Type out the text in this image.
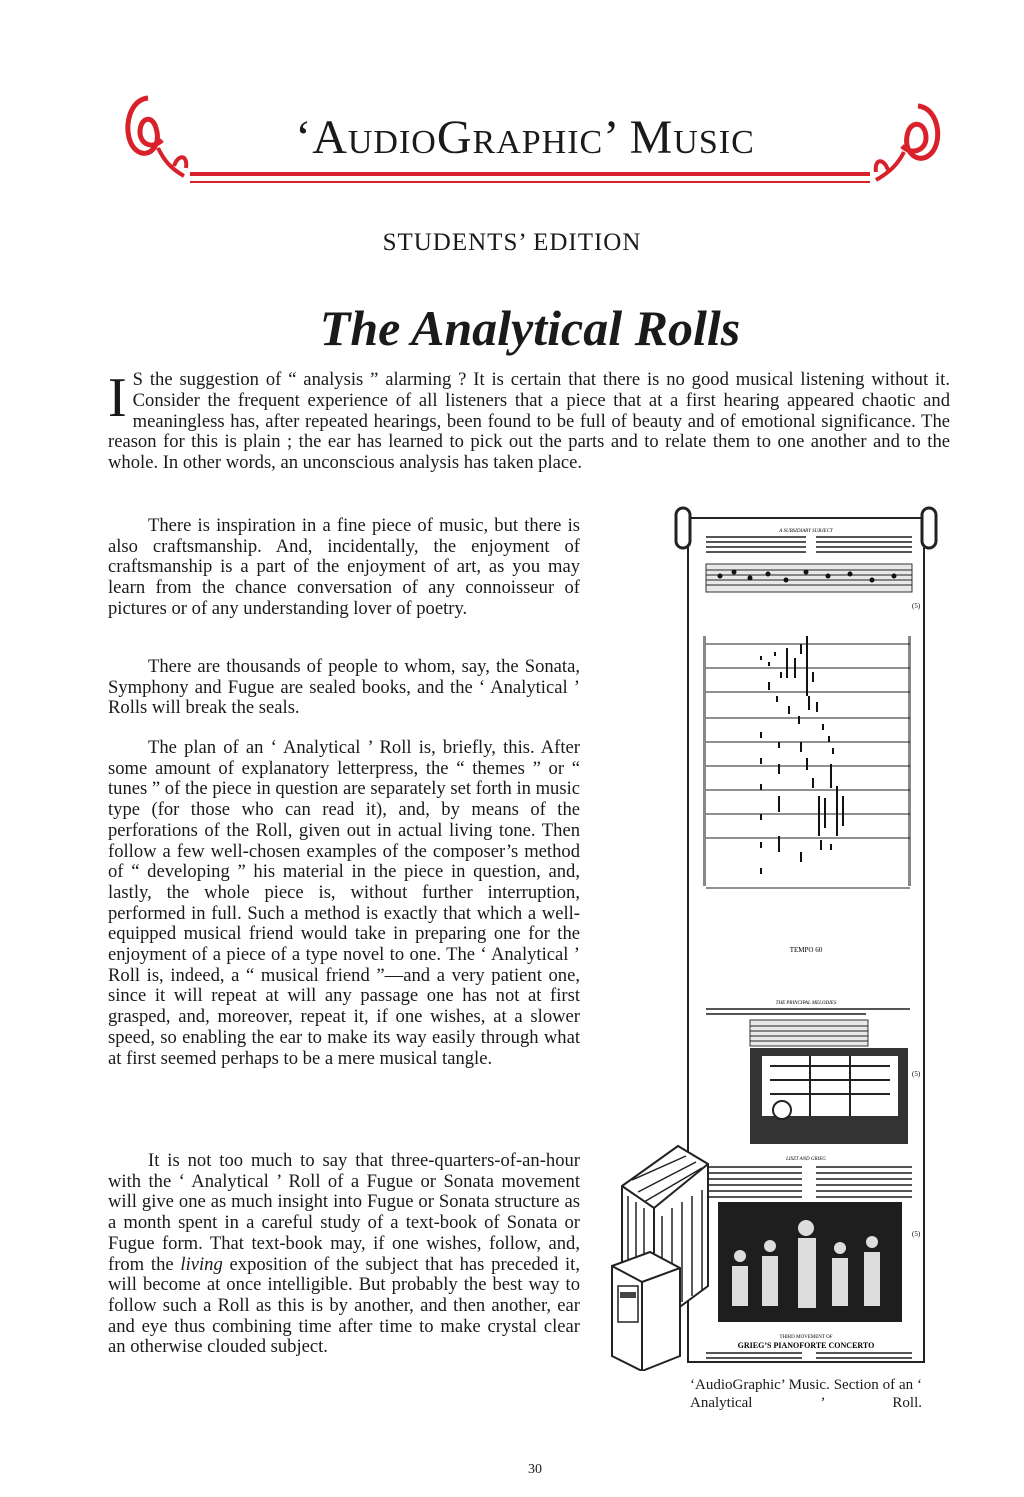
‘AudioGraphic’ Music
STUDENTS’ EDITION
The Analytical Rolls

I S the suggestion of “ analysis ” alarming ? It is certain that there is no good musical listening without it. Consider the frequent experience of all listeners that a piece that at a first hearing appeared chaotic and meaningless has, after repeated hearings, been found to be full of beauty and of emotional significance. The reason for this is plain ; the ear has learned to pick out the parts and to relate them to one another and to the whole. In other words, an unconscious analysis has taken place.

There is inspiration in a fine piece of music, but there is also craftsmanship. And, incidentally, the enjoyment of craftsmanship is a part of the enjoyment of art, as you may learn from the chance conversation of any connoisseur of pictures or of any understanding lover of poetry.

There are thousands of people to whom, say, the Sonata, Symphony and Fugue are sealed books, and the ‘ Analytical ’ Rolls will break the seals.

The plan of an ‘ Analytical ’ Roll is, briefly, this. After some amount of explanatory letterpress, the “ themes ” or “ tunes ” of the piece in question are separately set forth in music type (for those who can read it), and, by means of the perforations of the Roll, given out in actual living tone. Then follow a few well-chosen examples of the composer’s method of “ developing ” his material in the piece in question, and, lastly, the whole piece is, without further interruption, performed in full. Such a method is exactly that which a well-equipped musical friend would take in preparing one for the enjoyment of a piece of a type novel to one. The ‘ Analytical ’ Roll is, indeed, a “ musical friend ”—and a very patient one, since it will repeat at will any passage one has not at first grasped, and, moreover, repeat it, if one wishes, at a slower speed, so enabling the ear to make its way easily through what at first seemed perhaps to be a mere musical tangle.

It is not too much to say that three-quarters-of-an-hour with the ‘ Analytical ’ Roll of a Fugue or Sonata movement will give one as much insight into Fugue or Sonata structure as a month spent in a careful study of a text-book of Sonata or Fugue form. That text-book may, if one wishes, follow, and, from the living exposition of the subject that has preceded it, will become at once intelligible. But probably the best way to follow such a Roll as this is by another, and then another, ear and eye thus combining time after time to make crystal clear an otherwise clouded subject.

A SUBSIDIARY SUBJECT
(5)
TEMPO 60
THE PRINCIPAL MELODIES
(5)
LISZT AND GRIEG
(5)
THIRD MOVEMENT OF
GRIEG’S PIANOFORTE CONCERTO
‘AudioGraphic’ Music. Section of an ‘ Analytical ’ Roll.
30
